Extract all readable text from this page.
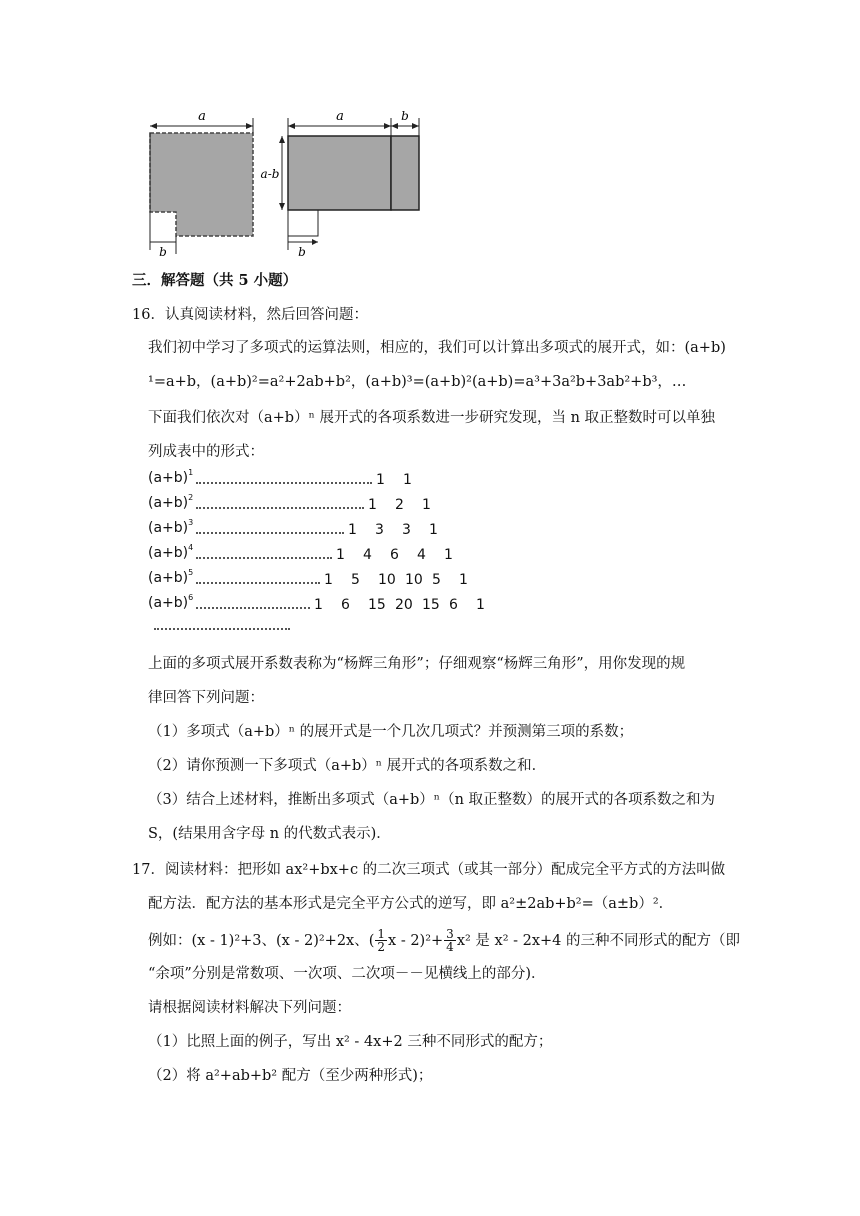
a
b
a	b
a-b
b
三．解答题（共 5 小题）
16．认真阅读材料，然后回答问题：
我们初中学习了多项式的运算法则，相应的，我们可以计算出多项式的展开式，如：(a+b)
¹=a+b，(a+b)²=a²+2ab+b²，(a+b)³=(a+b)²(a+b)=a³+3a²b+3ab²+b³，…
下面我们依次对（a+b）ⁿ 展开式的各项系数进一步研究发现，当 n 取正整数时可以单独
列成表中的形式：
$(a+b)^1$	1 1
$(a+b)^2$	1 2 1
$(a+b)^3$	1 3 3 1
$(a+b)^4$	1 4 6 4 1
$(a+b)^5$	1 5 10 10 5 1
$(a+b)^6$	1 6 15 20 15 6 1
上面的多项式展开系数表称为“杨辉三角形”；仔细观察“杨辉三角形”，用你发现的规
律回答下列问题：
（1）多项式（a+b）ⁿ 的展开式是一个几次几项式？并预测第三项的系数；
（2）请你预测一下多项式（a+b）ⁿ 展开式的各项系数之和．
（3）结合上述材料，推断出多项式（a+b）ⁿ（n 取正整数）的展开式的各项系数之和为
S，(结果用含字母 n 的代数式表示)．
17．阅读材料：把形如 ax²+bx+c 的二次三项式（或其一部分）配成完全平方式的方法叫做
配方法．配方法的基本形式是完全平方公式的逆写，即 a²±2ab+b²=（a±b）²．
例如：(x - 1)²+3、(x - 2)²+2x、( $\frac{1}{2}$ $x - 2)^2+ \frac{3}{4} x^2$ 是 x² - 2x+4 的三种不同形式的配方（即
“余项”分别是常数项、一次项、二次项－－见横线上的部分)．
请根据阅读材料解决下列问题：
（1）比照上面的例子，写出 x² - 4x+2 三种不同形式的配方；
（2）将 a²+ab+b² 配方（至少两种形式)；
